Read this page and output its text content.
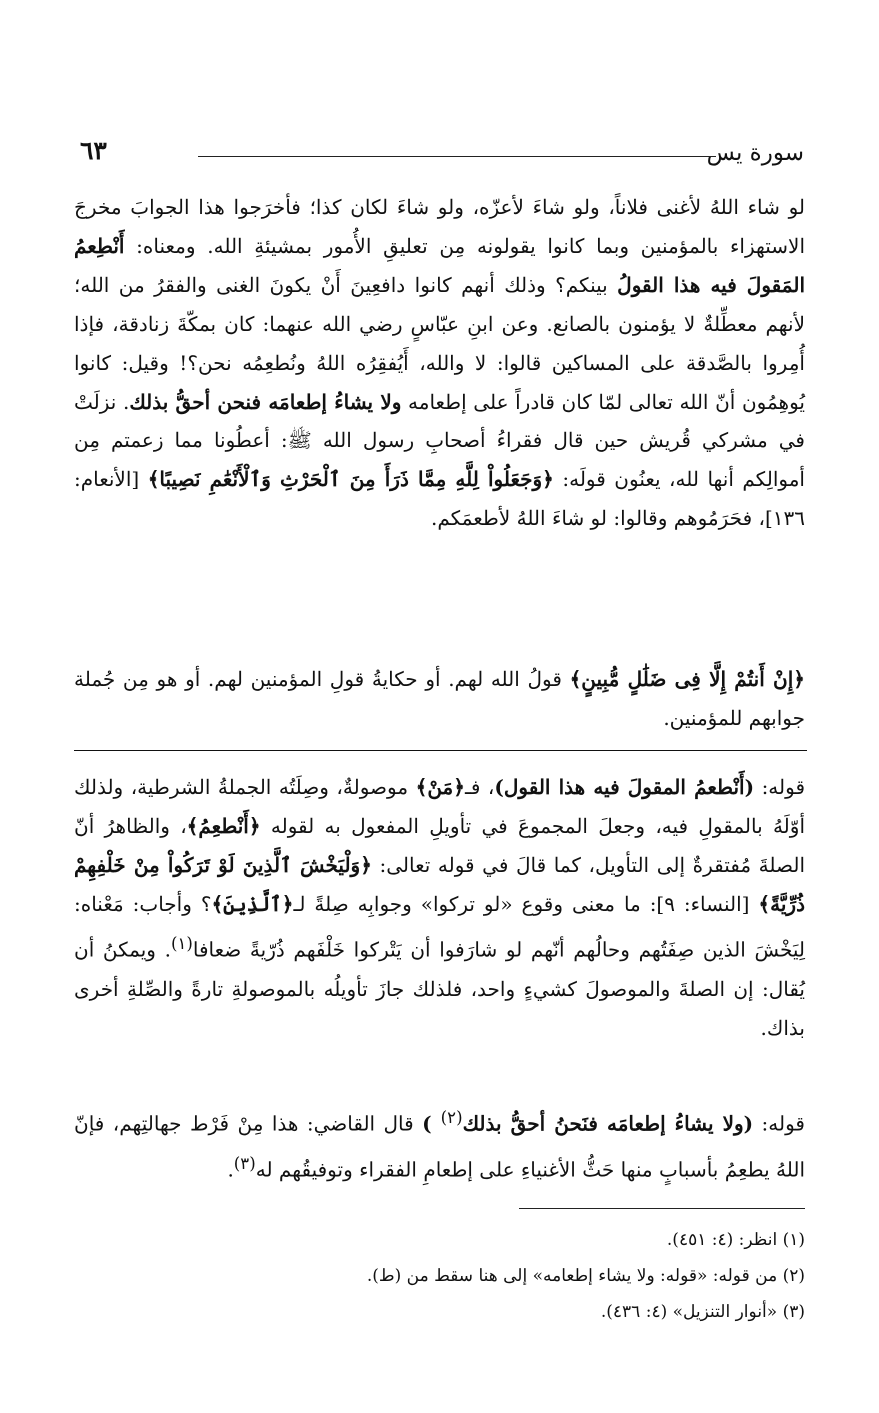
سورة يس
٦٣

لو شاء اللهُ لأغنى فلاناً، ولو شاءَ لأعزّه، ولو شاءَ لكان كذا؛ فأخرَجوا هذا الجوابَ مخرجَ الاستهزاء بالمؤمنين وبما كانوا يقولونه مِن تعليقِ الأُمور بمشيئةِ الله. ومعناه: أَنْطِعمُ المَقولَ فيه هذا القولُ بينكم؟ وذلك أنهم كانوا دافعِينَ أَنْ يكونَ الغنى والفقرُ من الله؛ لأنهم معطِّلةٌ لا يؤمنون بالصانع. وعن ابنِ عبّاسٍ رضي الله عنهما: كان بمكّةَ زنادقة، فإذا أُمِروا بالصَّدقة على المساكين قالوا: لا والله، أَيُفقِرُه اللهُ ونُطعِمُه نحن؟! وقيل: كانوا يُوهِمُون أنّ الله تعالى لمّا كان قادراً على إطعامه ولا يشاءُ إطعامَه فنحن أحقُّ بذلك. نزلَتْ في مشركي قُريش حين قال فقراءُ أصحابِ رسول الله ﷺ: أعطُونا مما زعمتم مِن أموالِكم أنها لله، يعنُون قولَه: ﴿وَجَعَلُواْ لِلَّهِ مِمَّا ذَرَأَ مِنَ ٱلْحَرْثِ وَٱلْأَنْعَٰمِ نَصِيبًا﴾ [الأنعام: ١٣٦]، فحَرَمُوهم وقالوا: لو شاءَ اللهُ لأطعمَكم.

﴿إِنْ أَنتُمْ إِلَّا فِى ضَلَٰلٍ مُّبِينٍ﴾ قولُ الله لهم. أو حكايةُ قولِ المؤمنين لهم. أو هو مِن جُملة جوابهم للمؤمنين.

قوله: (أَنْطعمُ المقولَ فيه هذا القول)، فـ﴿مَنْ﴾ موصولةٌ، وصِلَتُه الجملةُ الشرطية، ولذلك أوّلَهُ بالمقولِ فيه، وجعلَ المجموعَ في تأويلِ المفعول به لقوله ﴿أَنْطعِمُ﴾، والظاهرُ أنّ الصلةَ مُفتقرةٌ إلى التأويل، كما قالَ في قوله تعالى: ﴿وَلْيَخْشَ ٱلَّذِينَ لَوْ تَرَكُواْ مِنْ خَلْفِهِمْ ذُرِّيَّةً﴾ [النساء: ٩]: ما معنى وقوع «لو تركوا» وجوابِه صِلةً لـ﴿ٱلَّذِينَ﴾؟ وأجاب: مَعْناه: لِيَخْشَ الذين صِفَتُهم وحالُهم أنّهم لو شارَفوا أن يَتْركوا خَلْفَهم ذُرّيةً ضعافا$^{(١)}$. ويمكنُ أن يُقال: إن الصلةَ والموصولَ كشيءٍ واحد، فلذلك جازَ تأويلُه بالموصولةِ تارةً والصِّلةِ أخرى بذاك.

قوله: (ولا يشاءُ إطعامَه فنَحنُ أحقُّ بذلك$^{(٢)}$ ) قال القاضي: هذا مِنْ فَرْط جهالتِهم، فإنّ اللهُ يطعِمُ بأسبابٍ منها حَثُّ الأغنياءِ على إطعامِ الفقراء وتوفيقُهم له$^{(٣)}$.

(١) انظر: (٤: ٤٥١).
(٢) من قوله: «قوله: ولا يشاء إطعامه» إلى هنا سقط من (ط).
(٣) «أنوار التنزيل» (٤: ٤٣٦).
